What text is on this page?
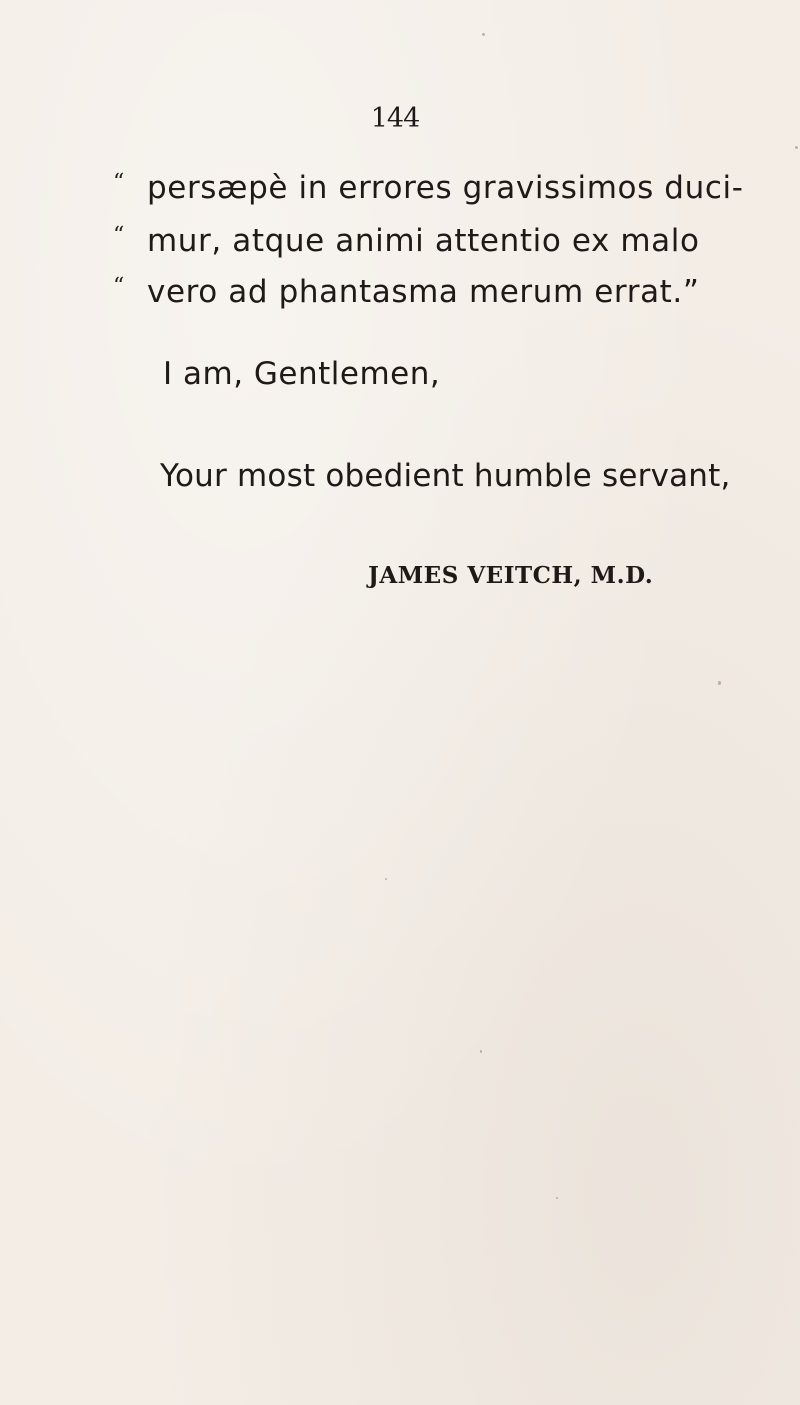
144
“ persæpè in errores gravissimos duci-
“ mur, atque animi attentio ex malo
“ vero ad phantasma merum errat.”
I am, Gentlemen,
Your most obedient humble servant,
JAMES VEITCH, M.D.
